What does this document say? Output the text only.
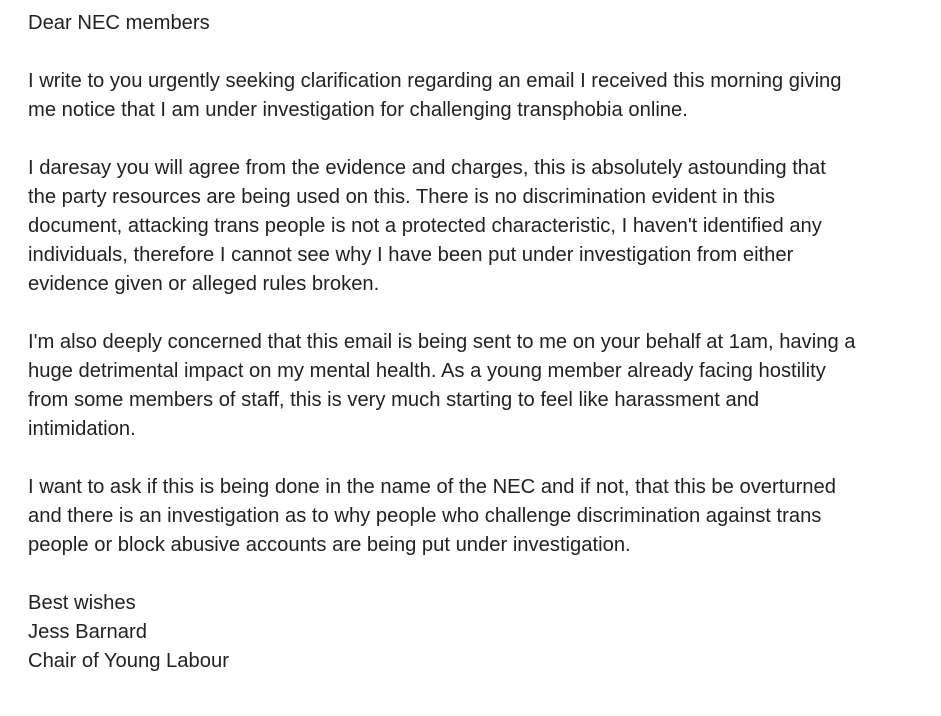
Dear NEC members
I write to you urgently seeking clarification regarding an email I received this morning giving
me notice that I am under investigation for challenging transphobia online.
I daresay you will agree from the evidence and charges, this is absolutely astounding that
the party resources are being used on this. There is no discrimination evident in this
document, attacking trans people is not a protected characteristic, I haven't identified any
individuals, therefore I cannot see why I have been put under investigation from either
evidence given or alleged rules broken.
I'm also deeply concerned that this email is being sent to me on your behalf at 1am, having a
huge detrimental impact on my mental health. As a young member already facing hostility
from some members of staff, this is very much starting to feel like harassment and
intimidation.
I want to ask if this is being done in the name of the NEC and if not, that this be overturned
and there is an investigation as to why people who challenge discrimination against trans
people or block abusive accounts are being put under investigation.
Best wishes
Jess Barnard
Chair of Young Labour
